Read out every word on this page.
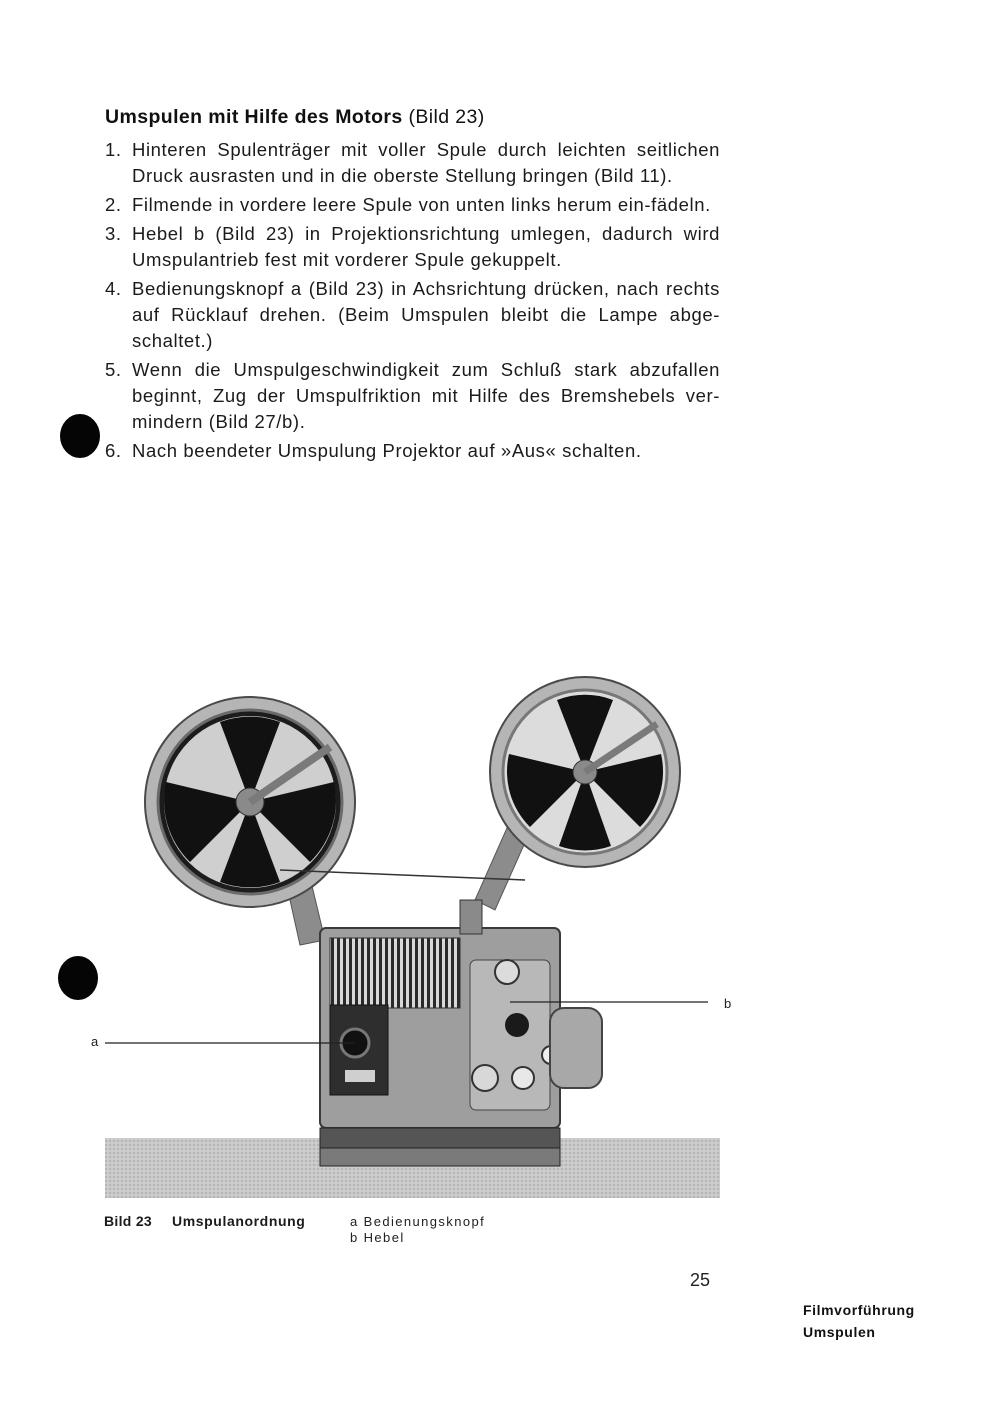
Umspulen mit Hilfe des Motors (Bild 23)
1. Hinteren Spulenträger mit voller Spule durch leichten seitlichen Druck ausrasten und in die oberste Stellung bringen (Bild 11).
2. Filmende in vordere leere Spule von unten links herum ein-fädeln.
3. Hebel b (Bild 23) in Projektionsrichtung umlegen, dadurch wird Umspulantrieb fest mit vorderer Spule gekuppelt.
4. Bedienungsknopf a (Bild 23) in Achsrichtung drücken, nach rechts auf Rücklauf drehen. (Beim Umspulen bleibt die Lampe abge-schaltet.)
5. Wenn die Umspulgeschwindigkeit zum Schluß stark abzufallen beginnt, Zug der Umspulfriktion mit Hilfe des Bremshebels ver-mindern (Bild 27/b).
6. Nach beendeter Umspulung Projektor auf »Aus« schalten.
a
b
Bild 23 Umspulanordnung	a Bedienungsknopf
b Hebel
25
Filmvorführung
Umspulen
